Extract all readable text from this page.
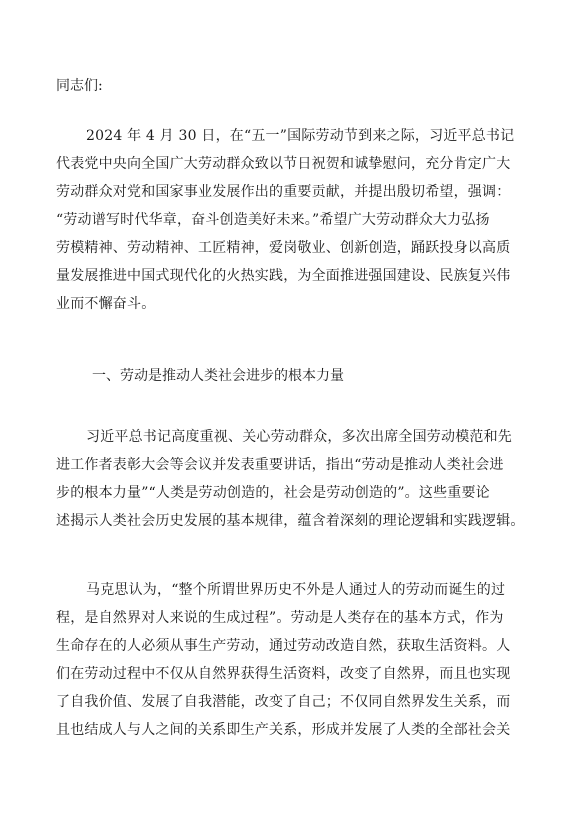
同志们:

2024 年 4 月 30 日，在“五一”国际劳动节到来之际，习近平总书记
代表党中央向全国广大劳动群众致以节日祝贺和诚挚慰问，充分肯定广大
劳动群众对党和国家事业发展作出的重要贡献，并提出殷切希望，强调：
“劳动谱写时代华章，奋斗创造美好未来。”希望广大劳动群众大力弘扬
劳模精神、劳动精神、工匠精神，爱岗敬业、创新创造，踊跃投身以高质
量发展推进中国式现代化的火热实践，为全面推进强国建设、民族复兴伟
业而不懈奋斗。

一、劳动是推动人类社会进步的根本力量

习近平总书记高度重视、关心劳动群众，多次出席全国劳动模范和先
进工作者表彰大会等会议并发表重要讲话，指出“劳动是推动人类社会进
步的根本力量”“人类是劳动创造的，社会是劳动创造的”。这些重要论
述揭示人类社会历史发展的基本规律，蕴含着深刻的理论逻辑和实践逻辑。
马克思认为，“整个所谓世界历史不外是人通过人的劳动而诞生的过
程，是自然界对人来说的生成过程”。劳动是人类存在的基本方式，作为
生命存在的人必须从事生产劳动，通过劳动改造自然，获取生活资料。人
们在劳动过程中不仅从自然界获得生活资料，改变了自然界，而且也实现
了自我价值、发展了自我潜能，改变了自己；不仅同自然界发生关系，而
且也结成人与人之间的关系即生产关系，形成并发展了人类的全部社会关
